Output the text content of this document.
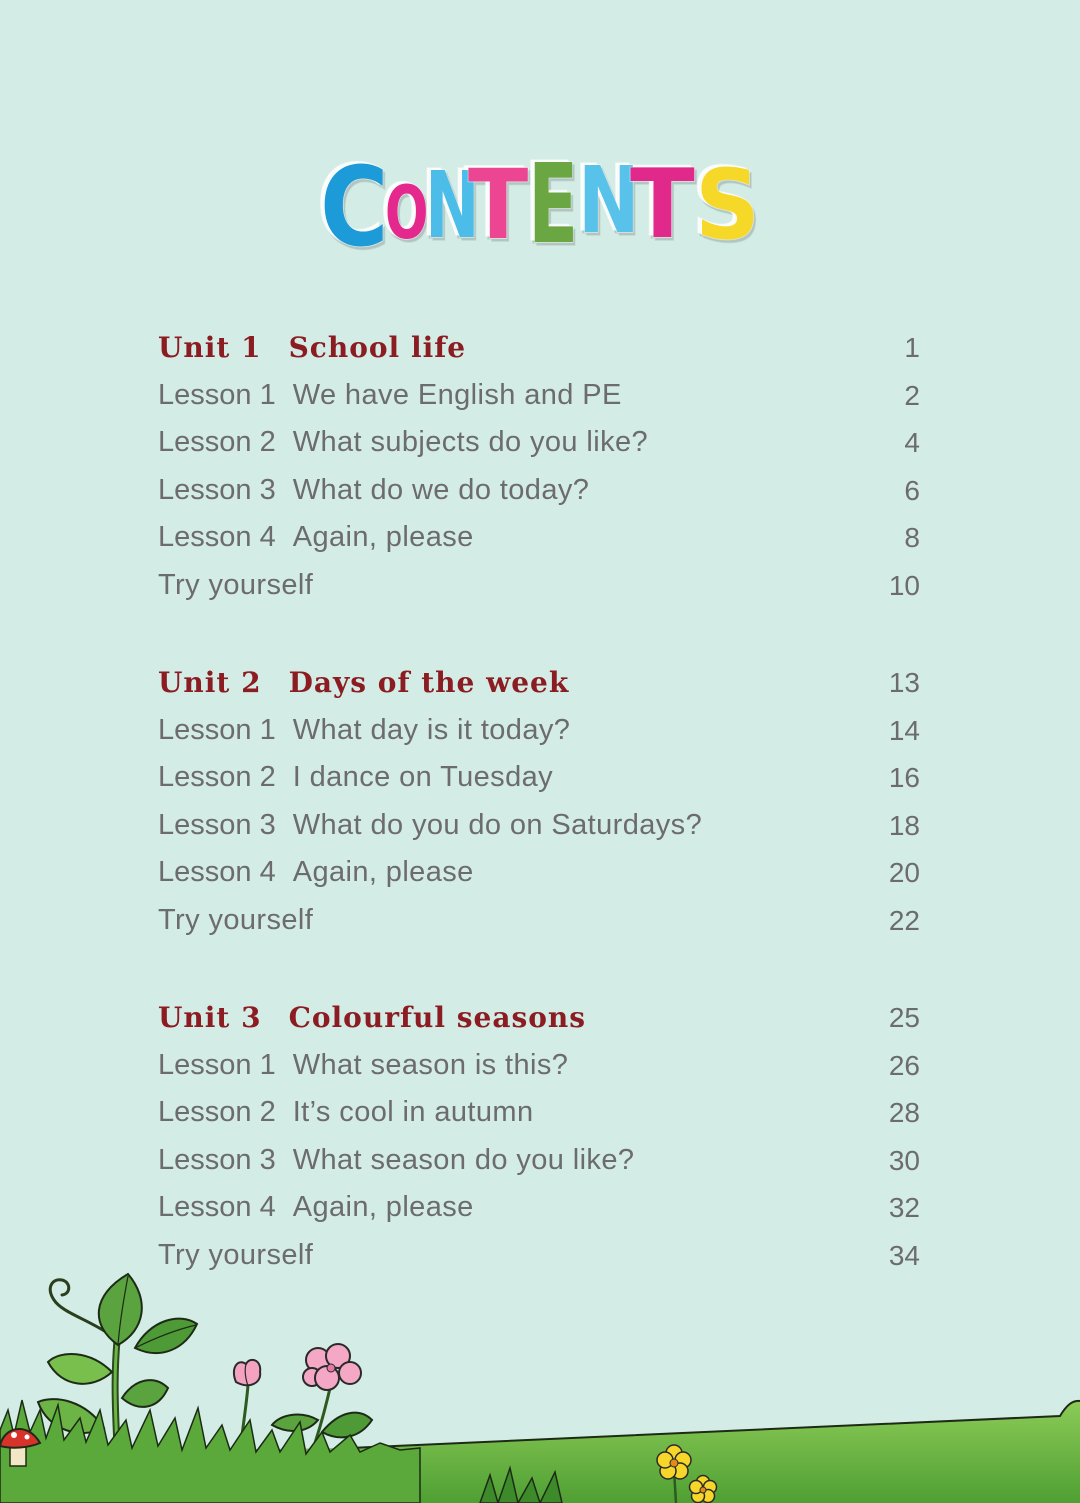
C
O
N
T E N
T S
Unit 1 School life	1
Lesson 1 We have English and PE	2
Lesson 2 What subjects do you like?	4
Lesson 3 What do we do today?	6
Lesson 4 Again, please	8
Try yourself	10
Unit 2 Days of the week	13
Lesson 1 What day is it today?	14
Lesson 2 I dance on Tuesday	16
Lesson 3 What do you do on Saturdays?	18
Lesson 4 Again, please	20
Try yourself	22
Unit 3 Colourful seasons	25
Lesson 1 What season is this?	26
Lesson 2 It’s cool in autumn	28
Lesson 3 What season do you like?	30
Lesson 4 Again, please	32
Try yourself	34
